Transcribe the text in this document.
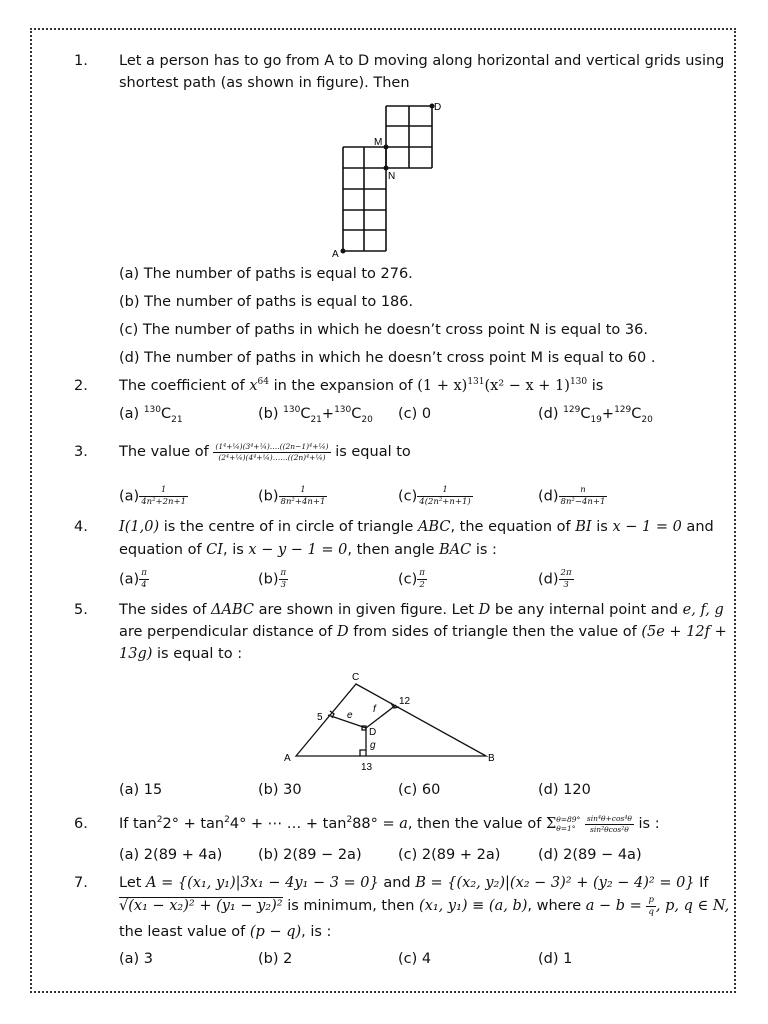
1. Let a person has to go from A to D moving along horizontal and vertical grids using
shortest path (as shown in figure). Then
D
M
N
A
(a) The number of paths is equal to 276.
(b) The number of paths is equal to 186.
(c) The number of paths in which he doesn’t cross point N is equal to 36.
(d) The number of paths in which he doesn’t cross point M is equal to 60 .
2. The coefficient of $x^{64}$ in the expansion of $(1 + x)^{131}(x^2 - x + 1)^{130}$ is
(a) $^{130}C_{21}$	(b) $^{130}C_{21}+^{130}C_{20}$ (c) 0	(d) $^{129}C_{19}+^{129}C_{20}$
3. The value of $\frac{\text{(1⁴+¼)(3⁴+¼)….((2n−1)⁴+¼)}}{\text{(2⁴+¼)(4⁴+¼)……((2n)⁴+¼)}}$ is equal to
$(a) \frac{1}{\text{4n²+2n+1}}$	$(b) \frac{1}{\text{8n²+4n+1}}$	$(c) \frac{1}{\text{4(2n²+n+1)}}$	$(d) \frac{n}{\text{8n²−4n+1}}$
4. I(1,0) is the centre of in circle of triangle ABC, the equation of BI is x − 1 = 0 and
equation of CI, is x − y − 1 = 0, then angle BAC is :
$(a) \frac{\pi}{4}$	$(b) \frac{\pi}{3}$	$(c) \frac{\pi}{2}$	$(d) \frac{2\pi}{3}$
5. The sides of ΔABC are shown in given figure. Let D be any internal point and e, f, g
are perpendicular distance of D from sides of triangle then the value of (5e + 12f +
13g) is equal to :
C
A	B
D
e
f
g
5
12
13
(a) 15	(b) 30	(c) 60	(d) 120
6. If $\tan^22^\circ + \tan^24^\circ$ + ⋯ … + $\tan^288^\circ = a$, then the value of Σ θ=89°
θ=1°
	$\frac{\text{sin⁴θ+cos⁴θ}}{\text{sin²θcos²θ}}$ is :
(a) 2(89 + 4a) (b) 2(89 − 2a)	(c) 2(89 + 2a)	(d) 2(89 − 4a)
7. Let A = {(x₁, y₁)|3x₁ − 4y₁ − 3 = 0} and B = {(x₂, y₂)|(x₂ − 3)² + (y₂ − 4)² = 0} If
√(x₁ − x₂)² + (y₁ − y₂)² is minimum, then (x₁, y₁) ≡ (a, b), where $a - b = \frac{p}{q}$ , p, q ∈ N,
the least value of (p − q), is :
(a) 3	(b) 2	(c) 4	(d) 1
